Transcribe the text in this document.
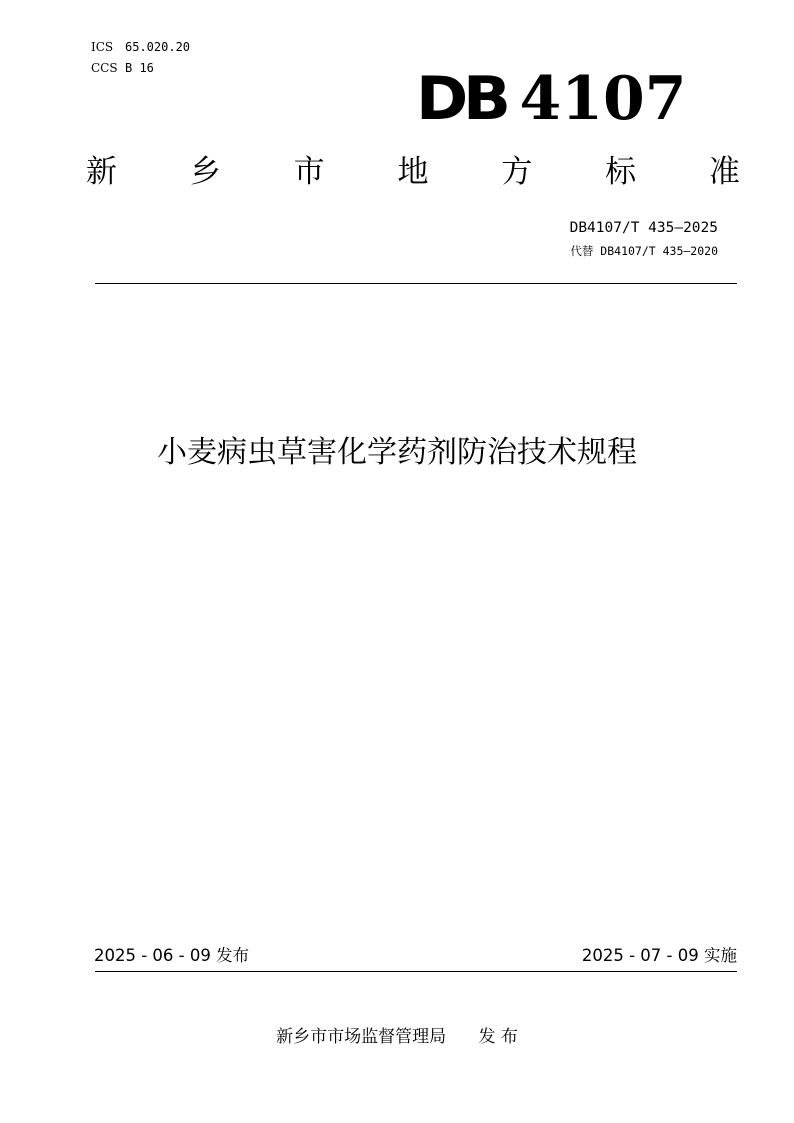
ICS 65.020.20
CCS B 16	DB 4107
新 乡 市 地 方 标 准
DB4107/T 435—2025
代替 DB4107/T 435—2020
小麦病虫草害化学药剂防治技术规程
2025 - 06 - 09 发布	2025 - 07 - 09 实施
新乡市市场监督管理局      发 布
